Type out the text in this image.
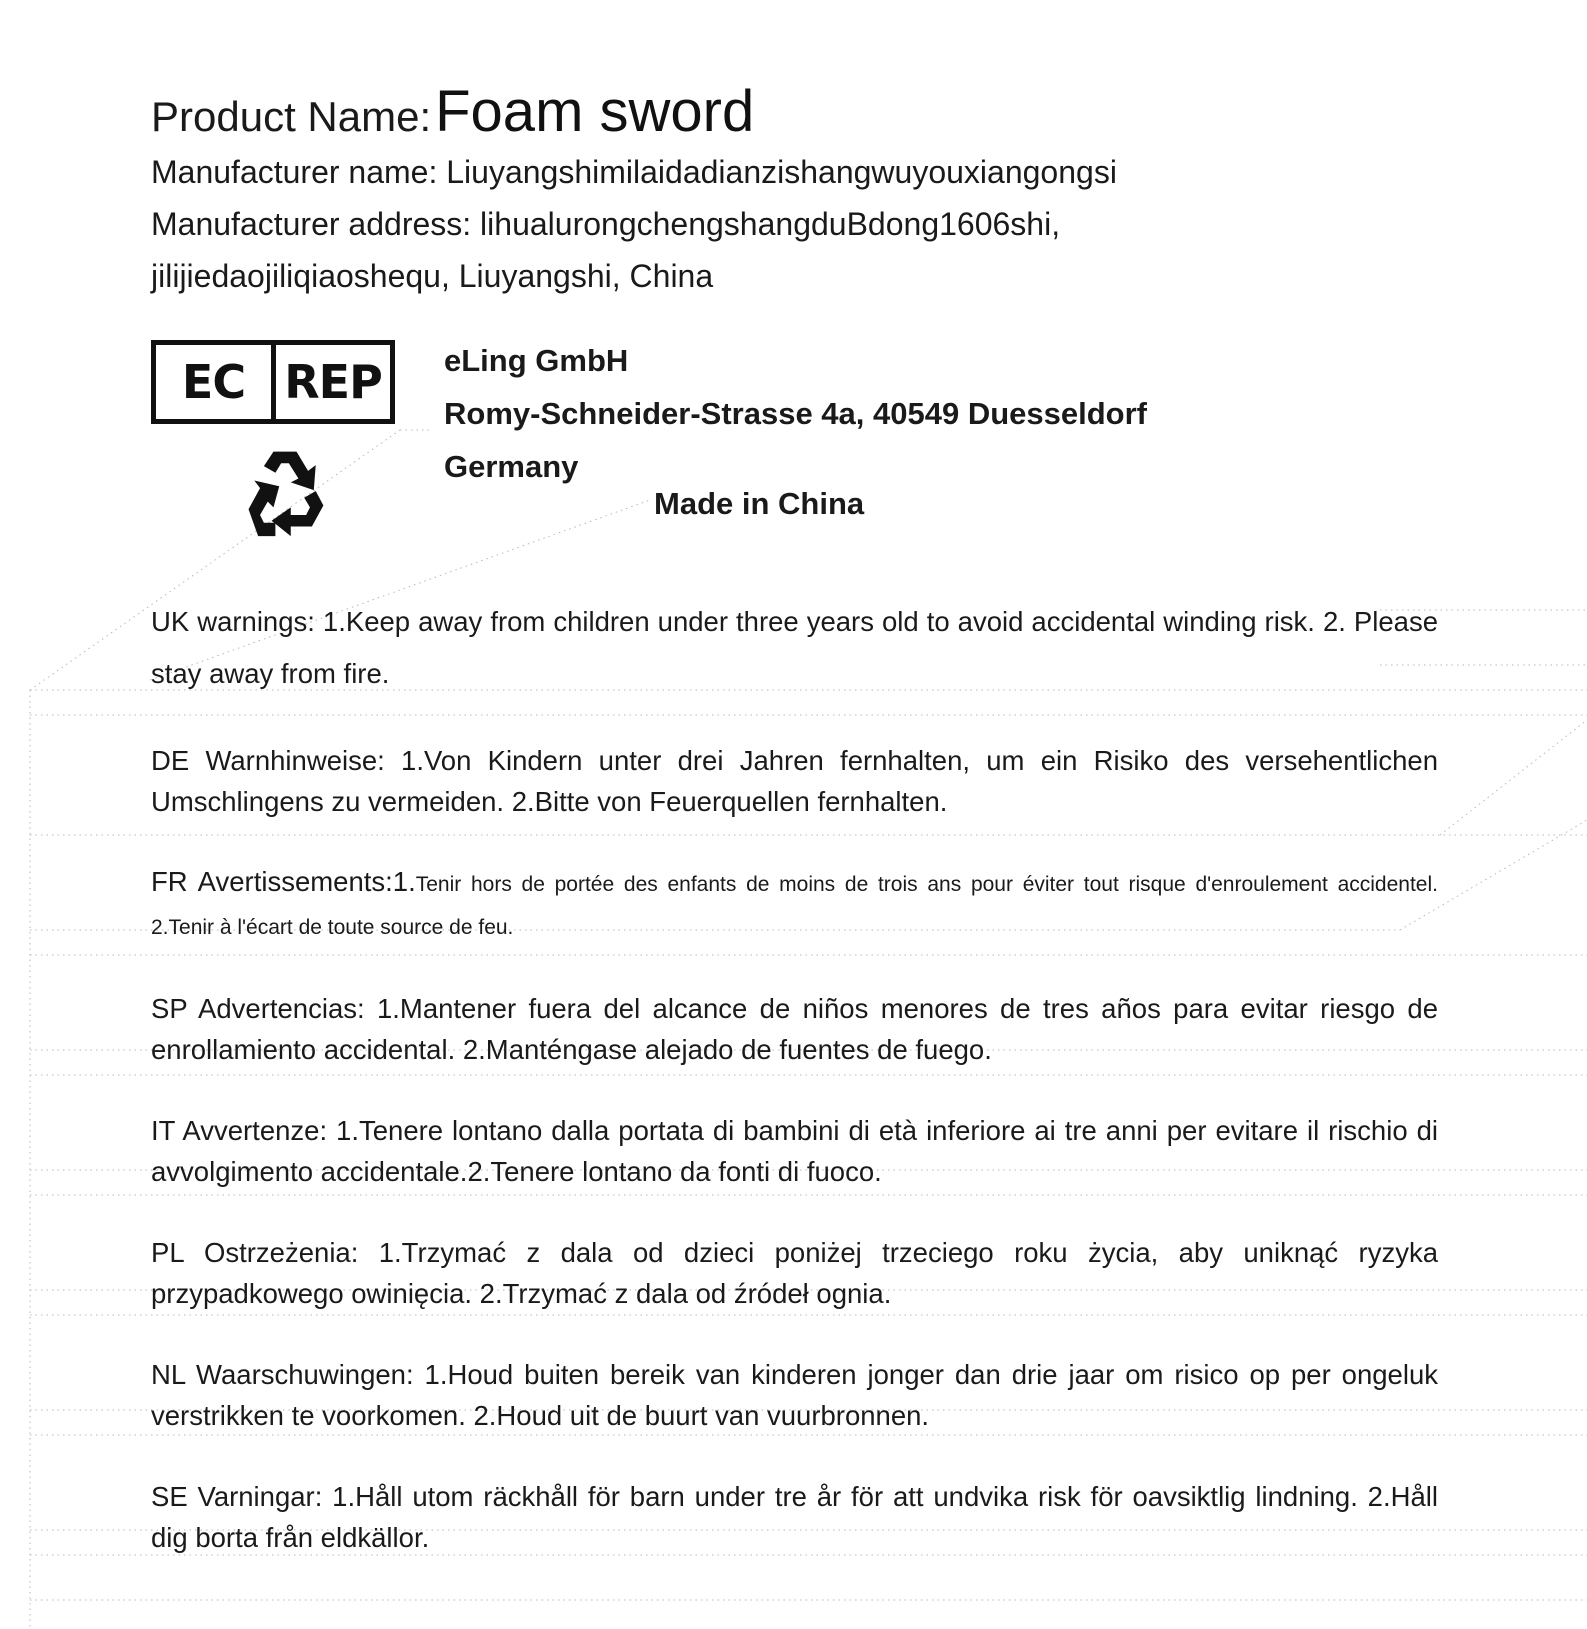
Product Name: Foam sword
Manufacturer name: Liuyangshimilaidadianzishangwuyouxiangongsi
Manufacturer address: lihualurongchengshangduBdong1606shi,
jilijiedaojiliqiaoshequ, Liuyangshi, China
EC REP eLing GmbH
Romy-Schneider-Strasse 4a, 40549 Duesseldorf
Germany
Made in China

UK warnings: 1.Keep away from children under three years old to avoid accidental winding risk. 2. Please stay away from fire.

DE Warnhinweise: 1.Von Kindern unter drei Jahren fernhalten, um ein Risiko des versehentlichen Umschlingens zu vermeiden. 2.Bitte von Feuerquellen fernhalten.

FR Avertissements:1.Tenir hors de portée des enfants de moins de trois ans pour éviter tout risque d'enroulement accidentel. 2.Tenir à l'écart de toute source de feu.

SP Advertencias: 1.Mantener fuera del alcance de niños menores de tres años para evitar riesgo de enrollamiento accidental. 2.Manténgase alejado de fuentes de fuego.

IT Avvertenze: 1.Tenere lontano dalla portata di bambini di età inferiore ai tre anni per evitare il rischio di avvolgimento accidentale.2.Tenere lontano da fonti di fuoco.

PL Ostrzeżenia: 1.Trzymać z dala od dzieci poniżej trzeciego roku życia, aby uniknąć ryzyka przypadkowego owinięcia. 2.Trzymać z dala od źródeł ognia.

NL Waarschuwingen: 1.Houd buiten bereik van kinderen jonger dan drie jaar om risico op per ongeluk verstrikken te voorkomen. 2.Houd uit de buurt van vuurbronnen.

SE Varningar: 1.Håll utom räckhåll för barn under tre år för att undvika risk för oavsiktlig lindning. 2.Håll dig borta från eldkällor.
